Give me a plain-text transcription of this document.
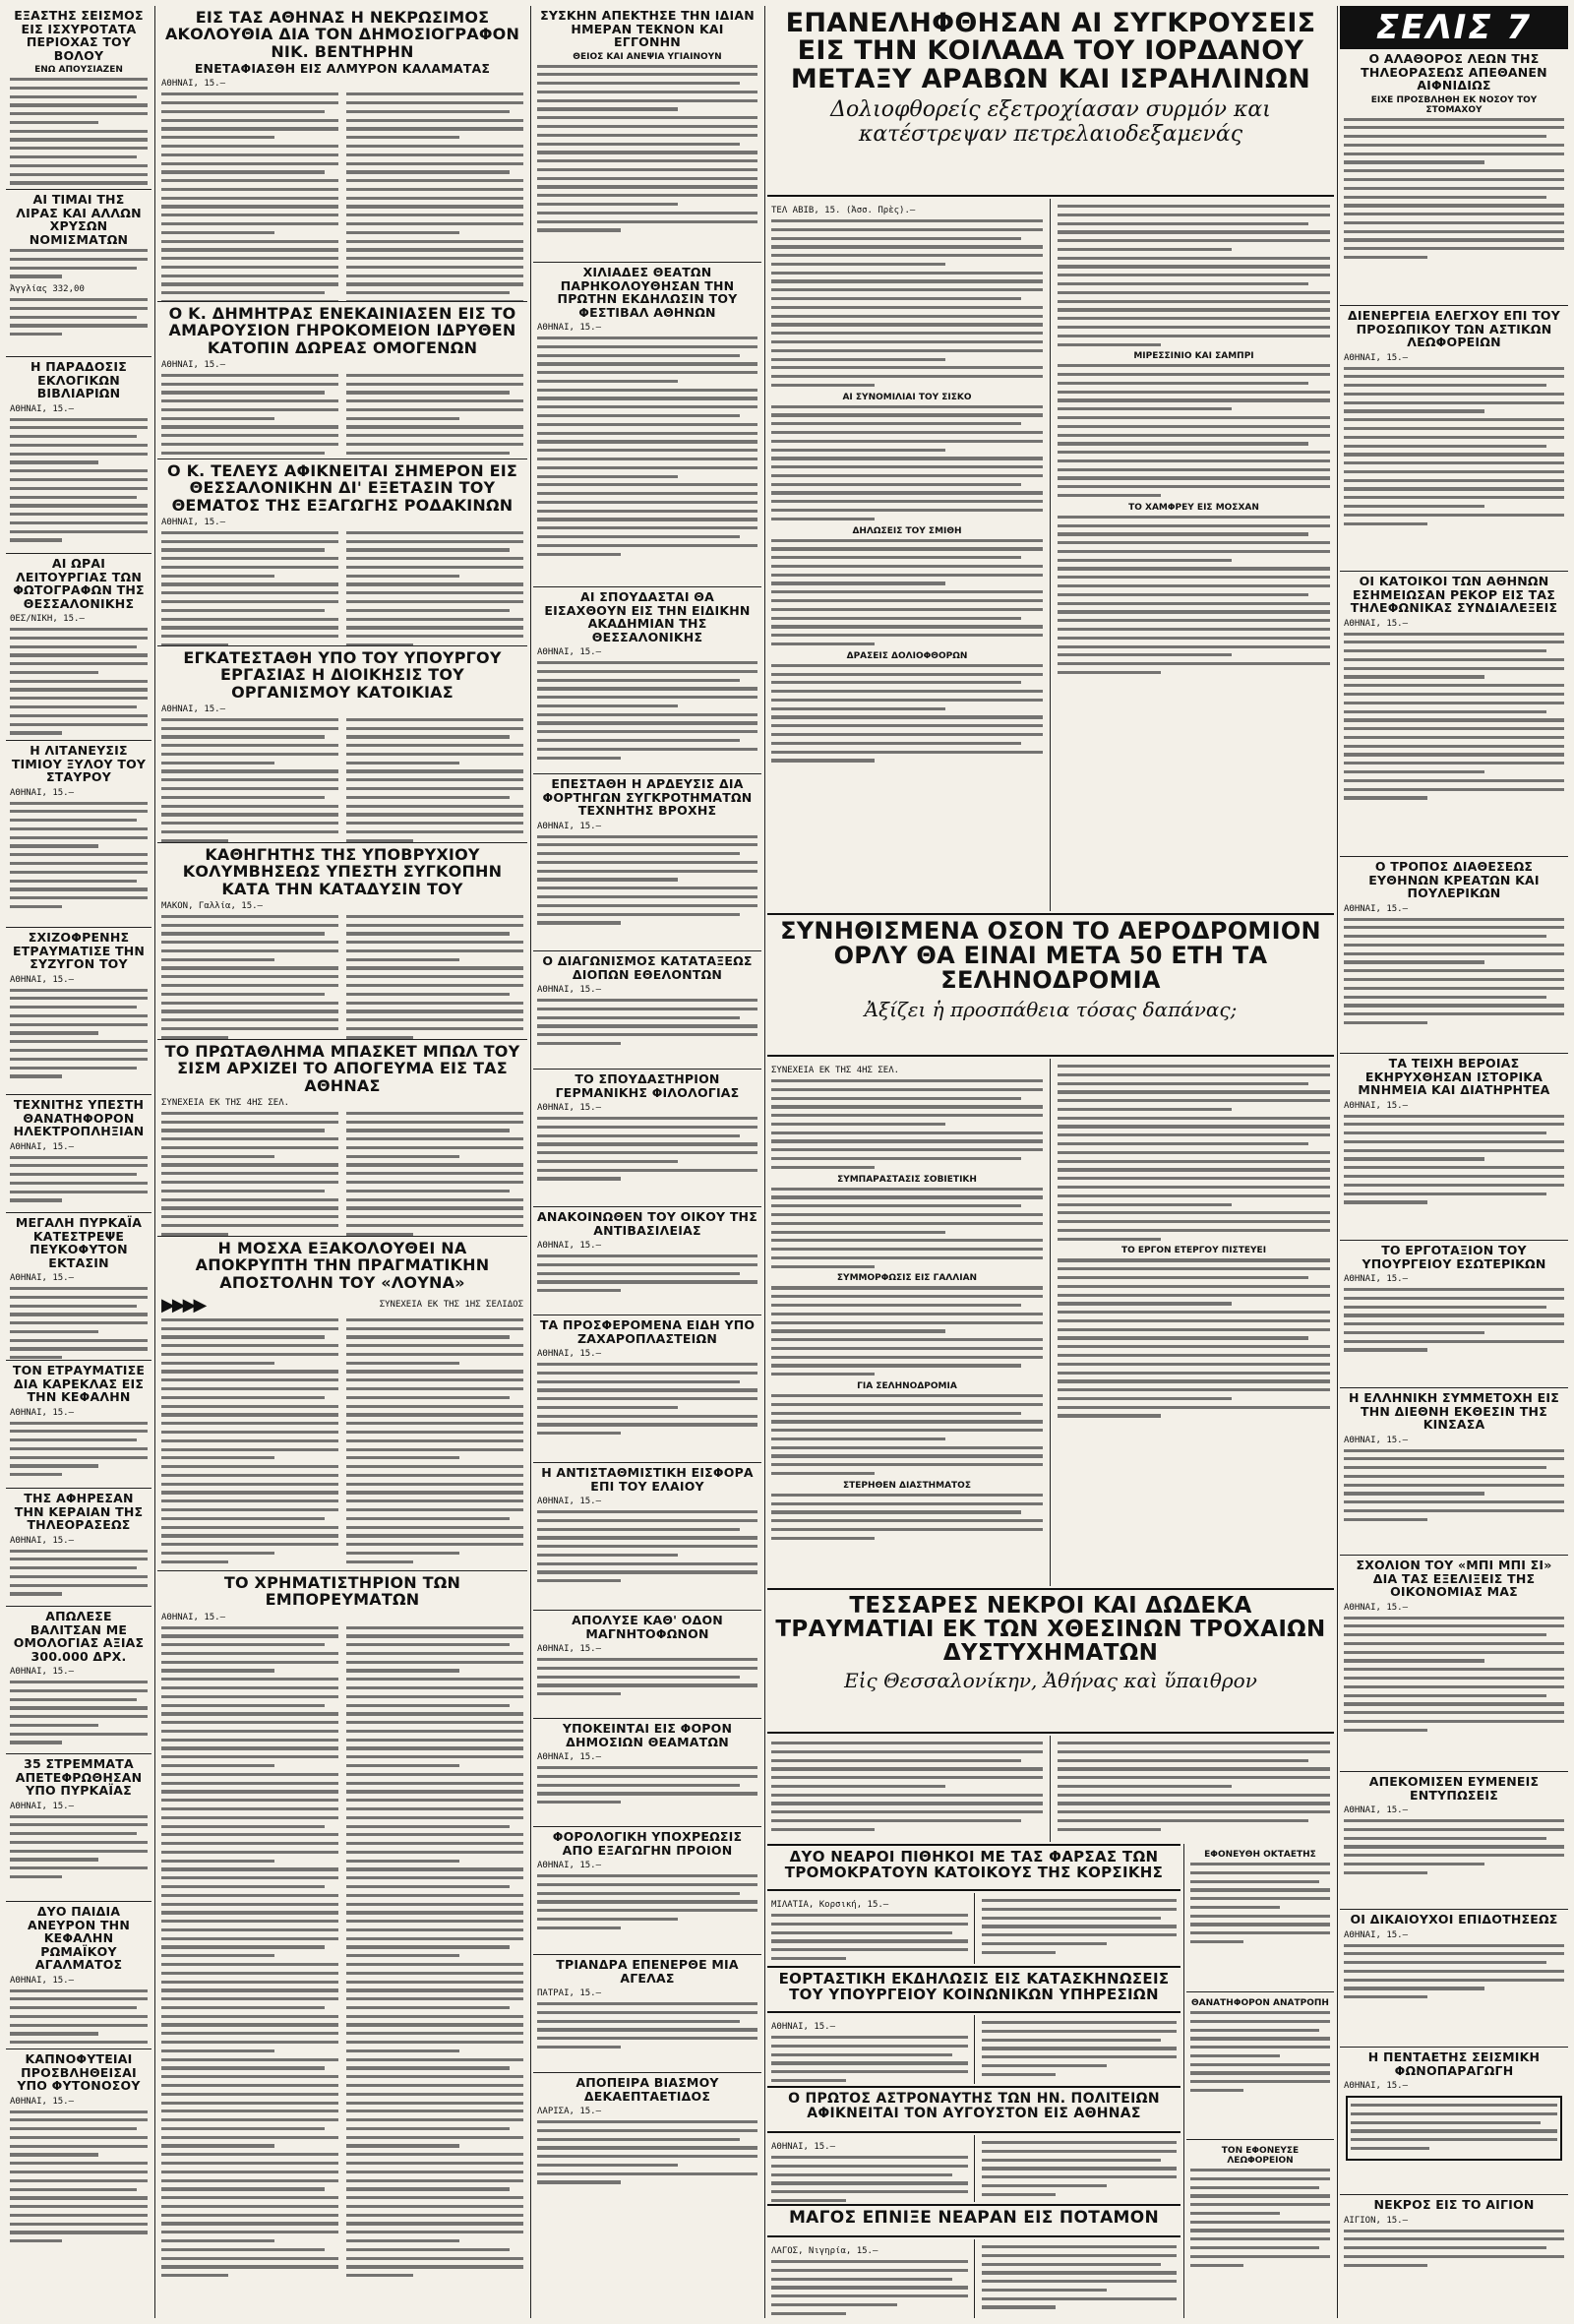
ΕΞΑΣΤΗΣ ΣΕΙΣΜΟΣ ΕΙΣ ΙΣΧΥΡΟΤΑΤΑ ΠΕΡΙΟΧΑΣ ΤΟΥ ΒΟΛΟΥ
ΕΝΩ ΑΠΟΥΣΙΑΖΕΝ
ΑΙ ΤΙΜΑΙ ΤΗΣ ΛΙΡΑΣ ΚΑΙ ΑΛΛΩΝ ΧΡΥΣΩΝ ΝΟΜΙΣΜΑΤΩΝ
Ἀγγλίας 332,00
Η ΠΑΡΑΔΟΣΙΣ ΕΚΛΟΓΙΚΩΝ ΒΙΒΛΙΑΡΙΩΝ
ΑΘΗΝΑΙ, 15.—
ΑΙ ΩΡΑΙ ΛΕΙΤΟΥΡΓΙΑΣ ΤΩΝ ΦΩΤΟΓΡΑΦΩΝ ΤΗΣ ΘΕΣΣΑΛΟΝΙΚΗΣ
ΘΕΣ/ΝΙΚΗ, 15.—
Η ΛΙΤΑΝΕΥΣΙΣ ΤΙΜΙΟΥ ΞΥΛΟΥ ΤΟΥ ΣΤΑΥΡΟΥ
ΑΘΗΝΑΙ, 15.—
ΣΧΙΖΟΦΡΕΝΗΣ ΕΤΡΑΥΜΑΤΙΣΕ ΤΗΝ ΣΥΖΥΓΟΝ ΤΟΥ
ΑΘΗΝΑΙ, 15.—
ΤΕΧΝΙΤΗΣ ΥΠΕΣΤΗ ΘΑΝΑΤΗΦΟΡΟΝ ΗΛΕΚΤΡΟΠΛΗΞΙΑΝ
ΑΘΗΝΑΙ, 15.—
ΜΕΓΑΛΗ ΠΥΡΚΑΪΑ ΚΑΤΕΣΤΡΕΨΕ ΠΕΥΚΟΦΥΤΟΝ ΕΚΤΑΣΙΝ
ΑΘΗΝΑΙ, 15.—
ΤΟΝ ΕΤΡΑΥΜΑΤΙΣΕ ΔΙΑ ΚΑΡΕΚΛΑΣ ΕΙΣ ΤΗΝ ΚΕΦΑΛΗΝ
ΑΘΗΝΑΙ, 15.—
ΤΗΣ ΑΦΗΡΕΣΑΝ ΤΗΝ ΚΕΡΑΙΑΝ ΤΗΣ ΤΗΛΕΟΡΑΣΕΩΣ
ΑΘΗΝΑΙ, 15.—
ΑΠΩΛΕΣΕ ΒΑΛΙΤΣΑΝ ΜΕ ΟΜΟΛΟΓΙΑΣ ΑΞΙΑΣ 300.000 ΔΡΧ.
ΑΘΗΝΑΙ, 15.—
35 ΣΤΡΕΜΜΑΤΑ ΑΠΕΤΕΦΡΩΘΗΣΑΝ ΥΠΟ ΠΥΡΚΑΪΑΣ
ΑΘΗΝΑΙ, 15.—
ΔΥΟ ΠΑΙΔΙΑ ΑΝΕΥΡΟΝ ΤΗΝ ΚΕΦΑΛΗΝ ΡΩΜΑΪΚΟΥ ΑΓΑΛΜΑΤΟΣ
ΑΘΗΝΑΙ, 15.—
ΚΑΠΝΟΦΥΤΕΙΑΙ ΠΡΟΣΒΛΗΘΕΙΣΑΙ ΥΠΟ ΦΥΤΟΝΟΣΟΥ
ΑΘΗΝΑΙ, 15.—
ΕΙΣ ΤΑΣ ΑΘΗΝΑΣ Η ΝΕΚΡΩΣΙΜΟΣ ΑΚΟΛΟΥΘΙΑ ΔΙΑ ΤΟΝ ΔΗΜΟΣΙΟΓΡΑΦΟΝ ΝΙΚ. ΒΕΝΤΗΡΗΝ
ΕΝΕΤΑΦΙΑΣΘΗ ΕΙΣ ΑΛΜΥΡΟΝ ΚΑΛΑΜΑΤΑΣ
ΑΘΗΝΑΙ, 15.—
Ο Κ. ΔΗΜΗΤΡΑΣ ΕΝΕΚΑΙΝΙΑΣΕΝ ΕΙΣ ΤΟ ΑΜΑΡΟΥΣΙΟΝ ΓΗΡΟΚΟΜΕΙΟΝ ΙΔΡΥΘΕΝ ΚΑΤΟΠΙΝ ΔΩΡΕΑΣ ΟΜΟΓΕΝΩΝ
ΑΘΗΝΑΙ, 15.—
Ο Κ. ΤΕΛΕΥΣ ΑΦΙΚΝΕΙΤΑΙ ΣΗΜΕΡΟΝ ΕΙΣ ΘΕΣΣΑΛΟΝΙΚΗΝ ΔΙ' ΕΞΕΤΑΣΙΝ ΤΟΥ ΘΕΜΑΤΟΣ ΤΗΣ ΕΞΑΓΩΓΗΣ ΡΟΔΑΚΙΝΩΝ
ΑΘΗΝΑΙ, 15.—
ΕΓΚΑΤΕΣΤΑΘΗ ΥΠΟ ΤΟΥ ΥΠΟΥΡΓΟΥ ΕΡΓΑΣΙΑΣ Η ΔΙΟΙΚΗΣΙΣ ΤΟΥ ΟΡΓΑΝΙΣΜΟΥ ΚΑΤΟΙΚΙΑΣ
ΑΘΗΝΑΙ, 15.—
ΚΑΘΗΓΗΤΗΣ ΤΗΣ ΥΠΟΒΡΥΧΙΟΥ ΚΟΛΥΜΒΗΣΕΩΣ ΥΠΕΣΤΗ ΣΥΓΚΟΠΗΝ ΚΑΤΑ ΤΗΝ ΚΑΤΑΔΥΣΙΝ ΤΟΥ
ΜΑΚΟΝ, Γαλλία, 15.—
ΤΟ ΠΡΩΤΑΘΛΗΜΑ ΜΠΑΣΚΕΤ ΜΠΩΛ ΤΟΥ ΣΙΣΜ ΑΡΧΙΖΕΙ ΤΟ ΑΠΟΓΕΥΜΑ ΕΙΣ ΤΑΣ ΑΘΗΝΑΣ
ΣΥΝΕΧΕΙΑ ΕΚ ΤΗΣ 4ΗΣ ΣΕΛ.
Η ΜΟΣΧΑ ΕΞΑΚΟΛΟΥΘΕΙ ΝΑ ΑΠΟΚΡΥΠΤΗ ΤΗΝ ΠΡΑΓΜΑΤΙΚΗΝ ΑΠΟΣΤΟΛΗΝ ΤΟΥ «ΛΟΥΝΑ»
▶▶▶▶	ΣΥΝΕΧΕΙΑ ΕΚ ΤΗΣ 1ΗΣ ΣΕΛΙΔΟΣ
ΤΟ ΧΡΗΜΑΤΙΣΤΗΡΙΟΝ ΤΩΝ ΕΜΠΟΡΕΥΜΑΤΩΝ
ΑΘΗΝΑΙ, 15.—
ΣΥΣΚΗΝ ΑΠΕΚΤΗΣΕ ΤΗΝ ΙΔΙΑΝ ΗΜΕΡΑΝ ΤΕΚΝΟΝ ΚΑΙ ΕΓΓΟΝΗΝ
ΘΕΙΟΣ ΚΑΙ ΑΝΕΨΙΑ ΥΓΙΑΙΝΟΥΝ
ΧΙΛΙΑΔΕΣ ΘΕΑΤΩΝ ΠΑΡΗΚΟΛΟΥΘΗΣΑΝ ΤΗΝ ΠΡΩΤΗΝ ΕΚΔΗΛΩΣΙΝ ΤΟΥ ΦΕΣΤΙΒΑΛ ΑΘΗΝΩΝ
ΑΘΗΝΑΙ, 15.—
ΑΙ ΣΠΟΥΔΑΣΤΑΙ ΘΑ ΕΙΣΑΧΘΟΥΝ ΕΙΣ ΤΗΝ ΕΙΔΙΚΗΝ ΑΚΑΔΗΜΙΑΝ ΤΗΣ ΘΕΣΣΑΛΟΝΙΚΗΣ
ΑΘΗΝΑΙ, 15.—
ΕΠΕΣΤΑΘΗ Η ΑΡΔΕΥΣΙΣ ΔΙΑ ΦΟΡΤΗΓΩΝ ΣΥΓΚΡΟΤΗΜΑΤΩΝ ΤΕΧΝΗΤΗΣ ΒΡΟΧΗΣ
ΑΘΗΝΑΙ, 15.—
Ο ΔΙΑΓΩΝΙΣΜΟΣ ΚΑΤΑΤΑΞΕΩΣ ΔΙΟΠΩΝ ΕΘΕΛΟΝΤΩΝ
ΑΘΗΝΑΙ, 15.—
ΤΟ ΣΠΟΥΔΑΣΤΗΡΙΟΝ ΓΕΡΜΑΝΙΚΗΣ ΦΙΛΟΛΟΓΙΑΣ
ΑΘΗΝΑΙ, 15.—
ΑΝΑΚΟΙΝΩΘΕΝ ΤΟΥ ΟΙΚΟΥ ΤΗΣ ΑΝΤΙΒΑΣΙΛΕΙΑΣ
ΑΘΗΝΑΙ, 15.—
ΤΑ ΠΡΟΣΦΕΡΟΜΕΝΑ ΕΙΔΗ ΥΠΟ ΖΑΧΑΡΟΠΛΑΣΤΕΙΩΝ
ΑΘΗΝΑΙ, 15.—
Η ΑΝΤΙΣΤΑΘΜΙΣΤΙΚΗ ΕΙΣΦΟΡΑ ΕΠΙ ΤΟΥ ΕΛΑΙΟΥ
ΑΘΗΝΑΙ, 15.—
ΑΠΟΛΥΣΕ ΚΑΘ' ΟΔΟΝ ΜΑΓΝΗΤΟΦΩΝΟΝ
ΑΘΗΝΑΙ, 15.—
ΥΠΟΚΕΙΝΤΑΙ ΕΙΣ ΦΟΡΟΝ ΔΗΜΟΣΙΩΝ ΘΕΑΜΑΤΩΝ
ΑΘΗΝΑΙ, 15.—
ΦΟΡΟΛΟΓΙΚΗ ΥΠΟΧΡΕΩΣΙΣ ΑΠΟ ΕΞΑΓΩΓΗΝ ΠΡΟΙΟΝ
ΑΘΗΝΑΙ, 15.—
ΤΡΙΑΝΔΡΑ ΕΠΕΝΕΡΘΕ ΜΙΑ ΑΓΕΛΑΣ
ΠΑΤΡΑΙ, 15.—
ΑΠΟΠΕΙΡΑ ΒΙΑΣΜΟΥ ΔΕΚΑΕΠΤΑΕΤΙΔΟΣ
ΛΑΡΙΣΑ, 15.—
ΕΠΑΝΕΛΗΦΘΗΣΑΝ ΑΙ ΣΥΓΚΡΟΥΣΕΙΣ ΕΙΣ ΤΗΝ ΚΟΙΛΑΔΑ ΤΟΥ ΙΟΡΔΑΝΟΥ ΜΕΤΑΞΥ ΑΡΑΒΩΝ ΚΑΙ ΙΣΡΑΗΛΙΝΩΝ
Δολιοφθορείς εξετροχίασαν συρμόν και κατέστρεψαν πετρελαιοδεξαμενάς
ΤΕΛ ΑΒΙΒ, 15. (Ἀσσ. Πρὲς).—
ΑΙ ΣΥΝΟΜΙΛΙΑΙ ΤΟΥ ΣΙΣΚΟ
ΔΗΛΩΣΕΙΣ ΤΟΥ ΣΜΙΘΗ
ΔΡΑΣΕΙΣ ΔΟΛΙΟΦΘΟΡΩΝ
ΜΙΡΕΣΣΙΝΙΟ ΚΑΙ ΣΑΜΠΡΙ
ΤΟ ΧΑΜΦΡΕΥ ΕΙΣ ΜΟΣΧΑΝ
ΣΥΝΗΘΙΣΜΕΝΑ ΟΣΟΝ ΤΟ ΑΕΡΟΔΡΟΜΙΟΝ ΟΡΛΥ ΘΑ ΕΙΝΑΙ ΜΕΤΑ 50 ΕΤΗ ΤΑ ΣΕΛΗΝΟΔΡΟΜΙΑ
Ἀξίζει ἡ προσπάθεια τόσας δαπάνας;
ΣΥΝΕΧΕΙΑ ΕΚ ΤΗΣ 4ΗΣ ΣΕΛ.
ΣΥΜΠΑΡΑΣΤΑΣΙΣ ΣΟΒΙΕΤΙΚΗ
ΣΥΜΜΟΡΦΩΣΙΣ ΕΙΣ ΓΑΛΛΙΑΝ
ΓΙΑ ΣΕΛΗΝΟΔΡΟΜΙΑ
ΣΤΕΡΗΘΕΝ ΔΙΑΣΤΗΜΑΤΟΣ
ΤΟ ΕΡΓΟΝ ΕΤΕΡΓΟΥ ΠΙΣΤΕΥΕΙ
ΤΕΣΣΑΡΕΣ ΝΕΚΡΟΙ ΚΑΙ ΔΩΔΕΚΑ ΤΡΑΥΜΑΤΙΑΙ ΕΚ ΤΩΝ ΧΘΕΣΙΝΩΝ ΤΡΟΧΑΙΩΝ ΔΥΣΤΥΧΗΜΑΤΩΝ
Εἰς Θεσσαλονίκην, Ἀθήνας καὶ ὕπαιθρον
ΔΥΟ ΝΕΑΡΟΙ ΠΙΘΗΚΟΙ ΜΕ ΤΑΣ ΦΑΡΣΑΣ ΤΩΝ ΤΡΟΜΟΚΡΑΤΟΥΝ ΚΑΤΟΙΚΟΥΣ ΤΗΣ ΚΟΡΣΙΚΗΣ
ΜΙΛΑΤΙΑ, Κορσική, 15.—
ΕΟΡΤΑΣΤΙΚΗ ΕΚΔΗΛΩΣΙΣ ΕΙΣ ΚΑΤΑΣΚΗΝΩΣΕΙΣ ΤΟΥ ΥΠΟΥΡΓΕΙΟΥ ΚΟΙΝΩΝΙΚΩΝ ΥΠΗΡΕΣΙΩΝ
ΑΘΗΝΑΙ, 15.—
Ο ΠΡΩΤΟΣ ΑΣΤΡΟΝΑΥΤΗΣ ΤΩΝ ΗΝ. ΠΟΛΙΤΕΙΩΝ ΑΦΙΚΝΕΙΤΑΙ ΤΟΝ ΑΥΓΟΥΣΤΟΝ ΕΙΣ ΑΘΗΝΑΣ
ΑΘΗΝΑΙ, 15.—
ΜΑΓΟΣ ΕΠΝΙΞΕ ΝΕΑΡΑΝ ΕΙΣ ΠΟΤΑΜΟΝ
ΛΑΓΟΣ, Νιγηρία, 15.—
ΕΦΟΝΕΥΘΗ ΟΚΤΑΕΤΗΣ
ΘΑΝΑΤΗΦΟΡΟΝ ΑΝΑΤΡΟΠΗ
ΤΟΝ ΕΦΟΝΕΥΣΕ ΛΕΩΦΟΡΕΙΟΝ
ΣΕΛΙΣ 7
Ο ΑΛΑΘΟΡΟΣ ΛΕΩΝ ΤΗΣ ΤΗΛΕΟΡΑΣΕΩΣ ΑΠΕΘΑΝΕΝ ΑΙΦΝΙΔΙΩΣ
ΕΙΧΕ ΠΡΟΣΒΛΗΘΗ ΕΚ ΝΟΣΟΥ ΤΟΥ ΣΤΟΜΑΧΟΥ
ΔΙΕΝΕΡΓΕΙΑ ΕΛΕΓΧΟΥ ΕΠΙ ΤΟΥ ΠΡΟΣΩΠΙΚΟΥ ΤΩΝ ΑΣΤΙΚΩΝ ΛΕΩΦΟΡΕΙΩΝ
ΑΘΗΝΑΙ, 15.—
ΟΙ ΚΑΤΟΙΚΟΙ ΤΩΝ ΑΘΗΝΩΝ ΕΣΗΜΕΙΩΣΑΝ ΡΕΚΟΡ ΕΙΣ ΤΑΣ ΤΗΛΕΦΩΝΙΚΑΣ ΣΥΝΔΙΑΛΕΞΕΙΣ
ΑΘΗΝΑΙ, 15.—
Ο ΤΡΟΠΟΣ ΔΙΑΘΕΣΕΩΣ ΕΥΘΗΝΩΝ ΚΡΕΑΤΩΝ ΚΑΙ ΠΟΥΛΕΡΙΚΩΝ
ΑΘΗΝΑΙ, 15.—
ΤΑ ΤΕΙΧΗ ΒΕΡΟΙΑΣ ΕΚΗΡΥΧΘΗΣΑΝ ΙΣΤΟΡΙΚΑ ΜΝΗΜΕΙΑ ΚΑΙ ΔΙΑΤΗΡΗΤΕΑ
ΑΘΗΝΑΙ, 15.—
ΤΟ ΕΡΓΟΤΑΞΙΟΝ ΤΟΥ ΥΠΟΥΡΓΕΙΟΥ ΕΣΩΤΕΡΙΚΩΝ
ΑΘΗΝΑΙ, 15.—
Η ΕΛΛΗΝΙΚΗ ΣΥΜΜΕΤΟΧΗ ΕΙΣ ΤΗΝ ΔΙΕΘΝΗ ΕΚΘΕΣΙΝ ΤΗΣ ΚΙΝΣΑΣΑ
ΑΘΗΝΑΙ, 15.—
ΣΧΟΛΙΟΝ ΤΟΥ «ΜΠΙ ΜΠΙ ΣΙ» ΔΙΑ ΤΑΣ ΕΞΕΛΙΞΕΙΣ ΤΗΣ ΟΙΚΟΝΟΜΙΑΣ ΜΑΣ
ΑΘΗΝΑΙ, 15.—
ΑΠΕΚΟΜΙΣΕΝ ΕΥΜΕΝΕΙΣ ΕΝΤΥΠΩΣΕΙΣ
ΑΘΗΝΑΙ, 15.—
ΟΙ ΔΙΚΑΙΟΥΧΟΙ ΕΠΙΔΟΤΗΣΕΩΣ
ΑΘΗΝΑΙ, 15.—
Η ΠΕΝΤΑΕΤΗΣ ΣΕΙΣΜΙΚΗ ΦΩΝΟΠΑΡΑΓΩΓΗ
ΑΘΗΝΑΙ, 15.—
ΝΕΚΡΟΣ ΕΙΣ ΤΟ ΑΙΓΙΟΝ
ΑΙΓΙΟΝ, 15.—
